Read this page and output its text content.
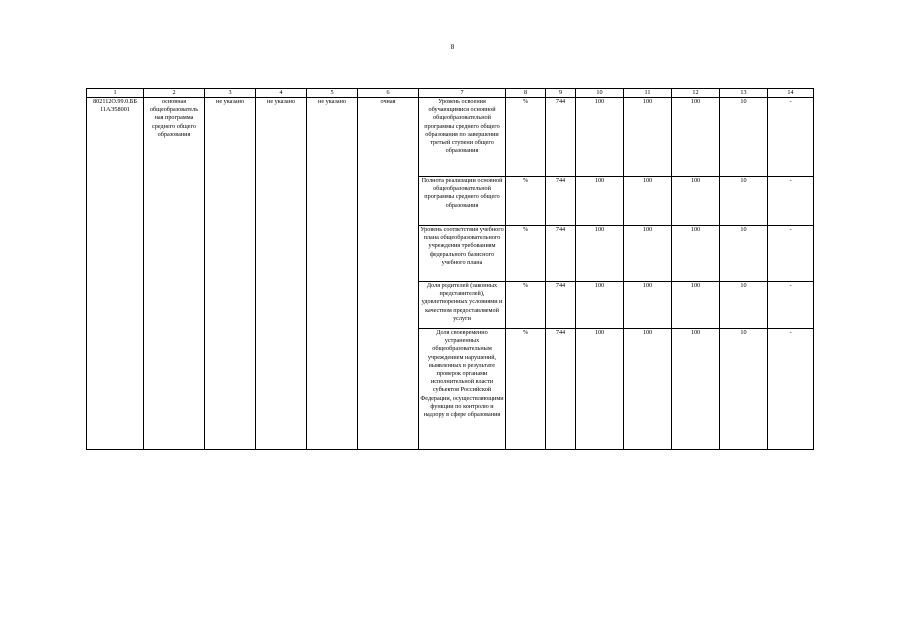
8
1	2	3	4	5	6	7	8	9	10	11	12	13	14
802112О.99.0.ББ 11АЭ58001	основная общеобразователь ная программа среднего общего образования	не указано	не указано	не указано	очная	Уровень освоения обучающимися основной общеобразовательной программы среднего общего образования по завершении третьей ступени общего образования	%	744	100	100	100	10	-
						Полнота реализации основной общеобразовательной программы среднего общего образования	%	744	100	100	100	10	-
						Уровень соответствия учебного плана общеобразовательного учреждения требованиям федерального базисного учебного плана	%	744	100	100	100	10	-
						Доля родителей (законных представителей), удовлетворенных условиями и качеством предоставляемой услуги	%	744	100	100	100	10	-
						Доля своевременно устраненных общеобразовательным учреждением нарушений, выявленных в результате проверок органами исполнительной власти субъектов Российской Федерации, осуществляющими функции по контролю и надзору в сфере образования	%	744	100	100	100	10	-
